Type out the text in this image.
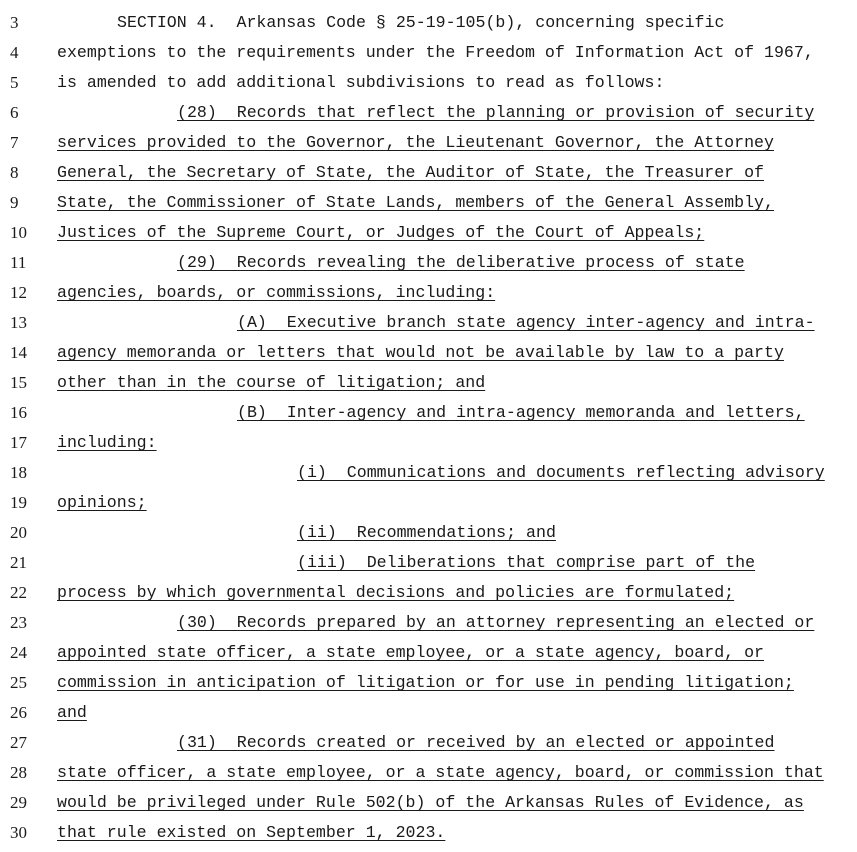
3	SECTION 4.  Arkansas Code § 25-19-105(b), concerning specific
4	exemptions to the requirements under the Freedom of Information Act of 1967,
5	is amended to add additional subdivisions to read as follows:
6	(28)  Records that reflect the planning or provision of security
7	services provided to the Governor, the Lieutenant Governor, the Attorney
8	General, the Secretary of State, the Auditor of State, the Treasurer of
9	State, the Commissioner of State Lands, members of the General Assembly,
10	Justices of the Supreme Court, or Judges of the Court of Appeals;
11	(29)  Records revealing the deliberative process of state
12	agencies, boards, or commissions, including:
13	(A)  Executive branch state agency inter-agency and intra-
14	agency memoranda or letters that would not be available by law to a party
15	other than in the course of litigation; and
16	(B)  Inter-agency and intra-agency memoranda and letters,
17	including:
18	(i)  Communications and documents reflecting advisory
19	opinions;
20	(ii)  Recommendations; and
21	(iii)  Deliberations that comprise part of the
22	process by which governmental decisions and policies are formulated;
23	(30)  Records prepared by an attorney representing an elected or
24	appointed state officer, a state employee, or a state agency, board, or
25	commission in anticipation of litigation or for use in pending litigation;
26	and
27	(31)  Records created or received by an elected or appointed
28	state officer, a state employee, or a state agency, board, or commission that
29	would be privileged under Rule 502(b) of the Arkansas Rules of Evidence, as
30	that rule existed on September 1, 2023.
